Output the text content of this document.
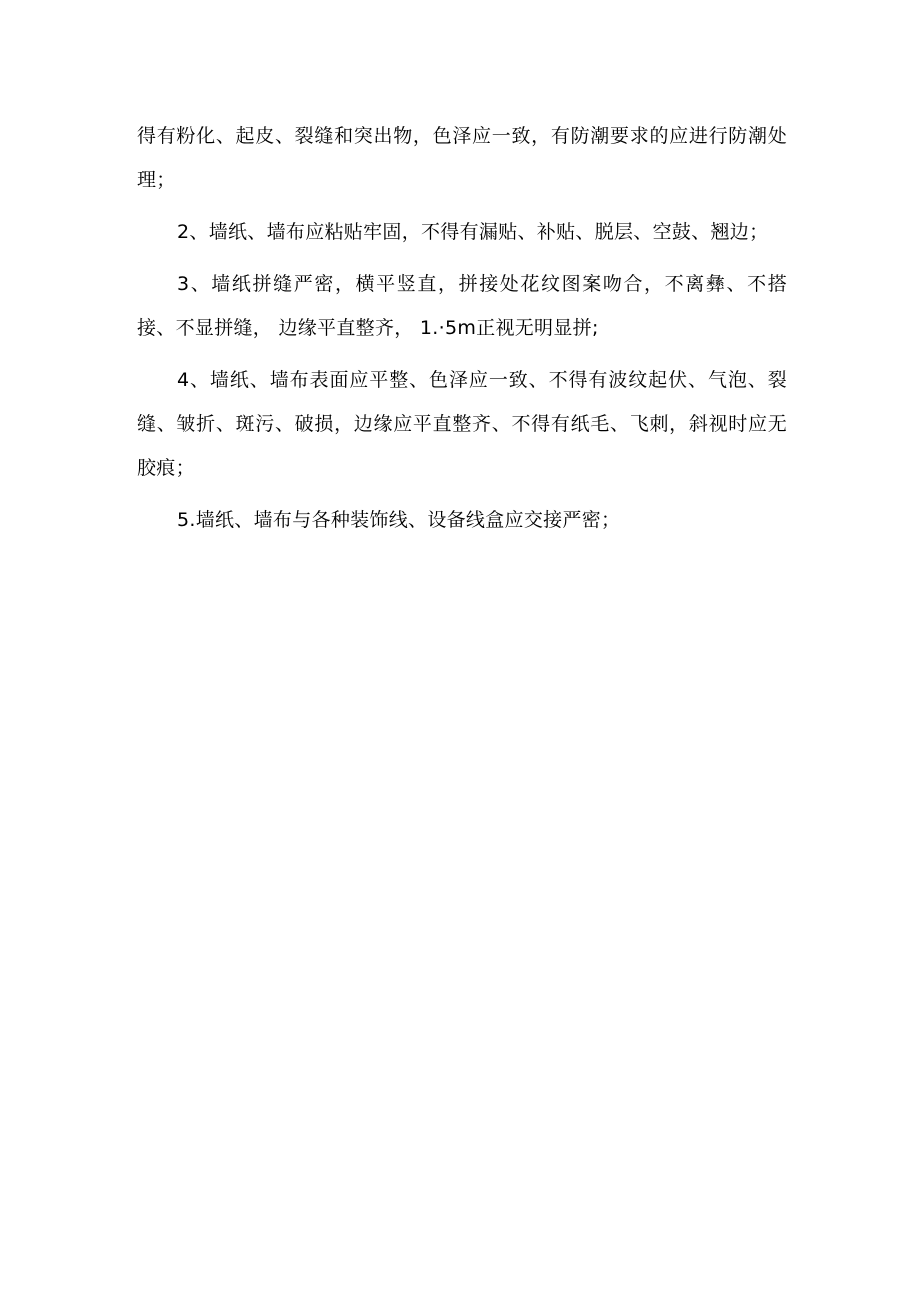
得有粉化、起皮、裂缝和突出物，色泽应一致，有防潮要求的应进行防潮处理；

2、墙纸、墙布应粘贴牢固，不得有漏贴、补贴、脱层、空鼓、翘边；

3、墙纸拼缝严密，横平竖直，拼接处花纹图案吻合，不离彝、不搭接、不显拼缝， 边缘平直整齐， 1.·5m正视无明显拼;

4、墙纸、墙布表面应平整、色泽应一致、不得有波纹起伏、气泡、裂缝、皱折、斑污、破损，边缘应平直整齐、不得有纸毛、飞刺，斜视时应无胶痕；

5.墙纸、墙布与各种装饰线、设备线盒应交接严密；
